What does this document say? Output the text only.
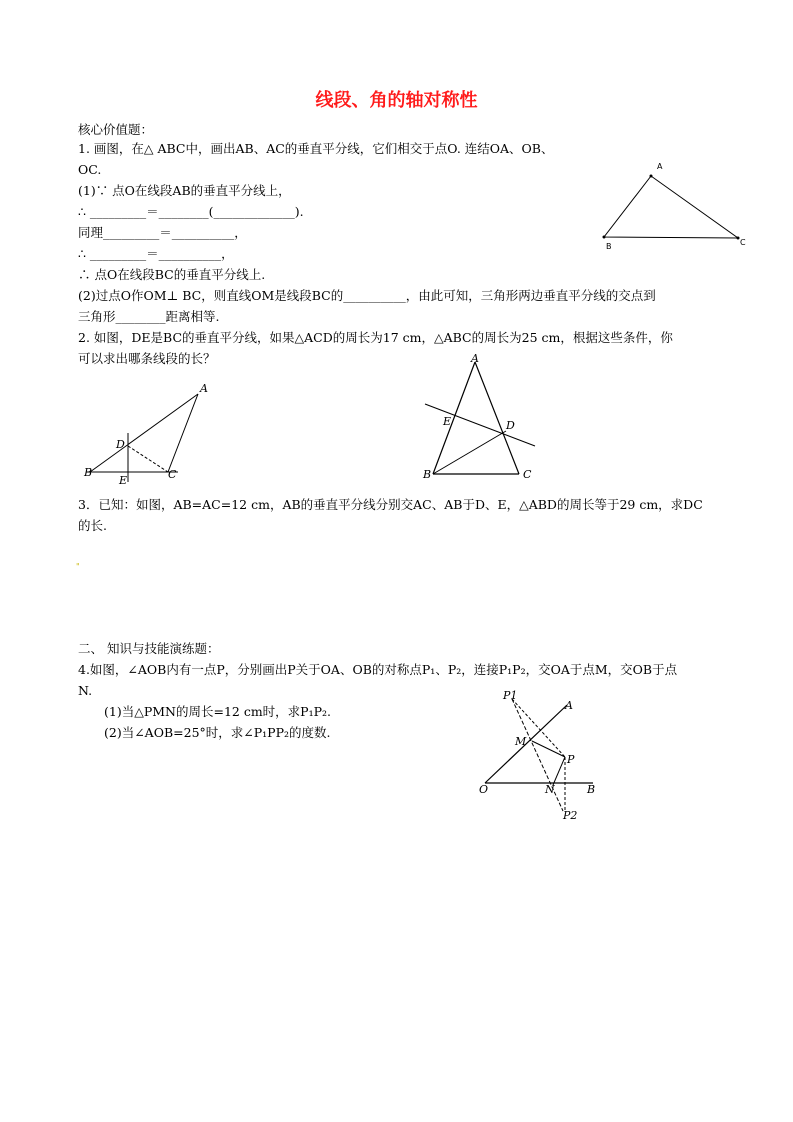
线段、角的轴对称性
核心价值题：
1. 画图，在△ ABC中，画出AB、AC的垂直平分线，它们相交于点O. 连结OA、OB、
OC.
(1)∵ 点O在线段AB的垂直平分线上，
∴ _________＝________(_____________).
同理_________＝__________，
∴ _________＝__________，
∴ 点O在线段BC的垂直平分线上.
(2)过点O作OM⊥ BC，则直线OM是线段BC的__________，由此可知，三角形两边垂直平分线的交点到
三角形________距离相等.
2. 如图，DE是BC的垂直平分线，如果△ACD的周长为17 cm，△ABC的周长为25 cm，根据这些条件，你
可以求出哪条线段的长？
3．已知：如图，AB=AC=12 cm，AB的垂直平分线分别交AC、AB于D、E，△ABD的周长等于29 cm，求DC
的长.
"
二、 知识与技能演练题：
4.如图，∠AOB内有一点P，分别画出P关于OA、OB的对称点P₁、P₂，连接P₁P₂，交OA于点M，交OB于点
N.
(1)当△PMN的周长=12 cm时，求P₁P₂.
(2)当∠AOB=25°时，求∠P₁PP₂的度数.
A
B	C
A
D
B
E	C
A
E	D
B	C
P1
A
M
P
O	N	B
P2
